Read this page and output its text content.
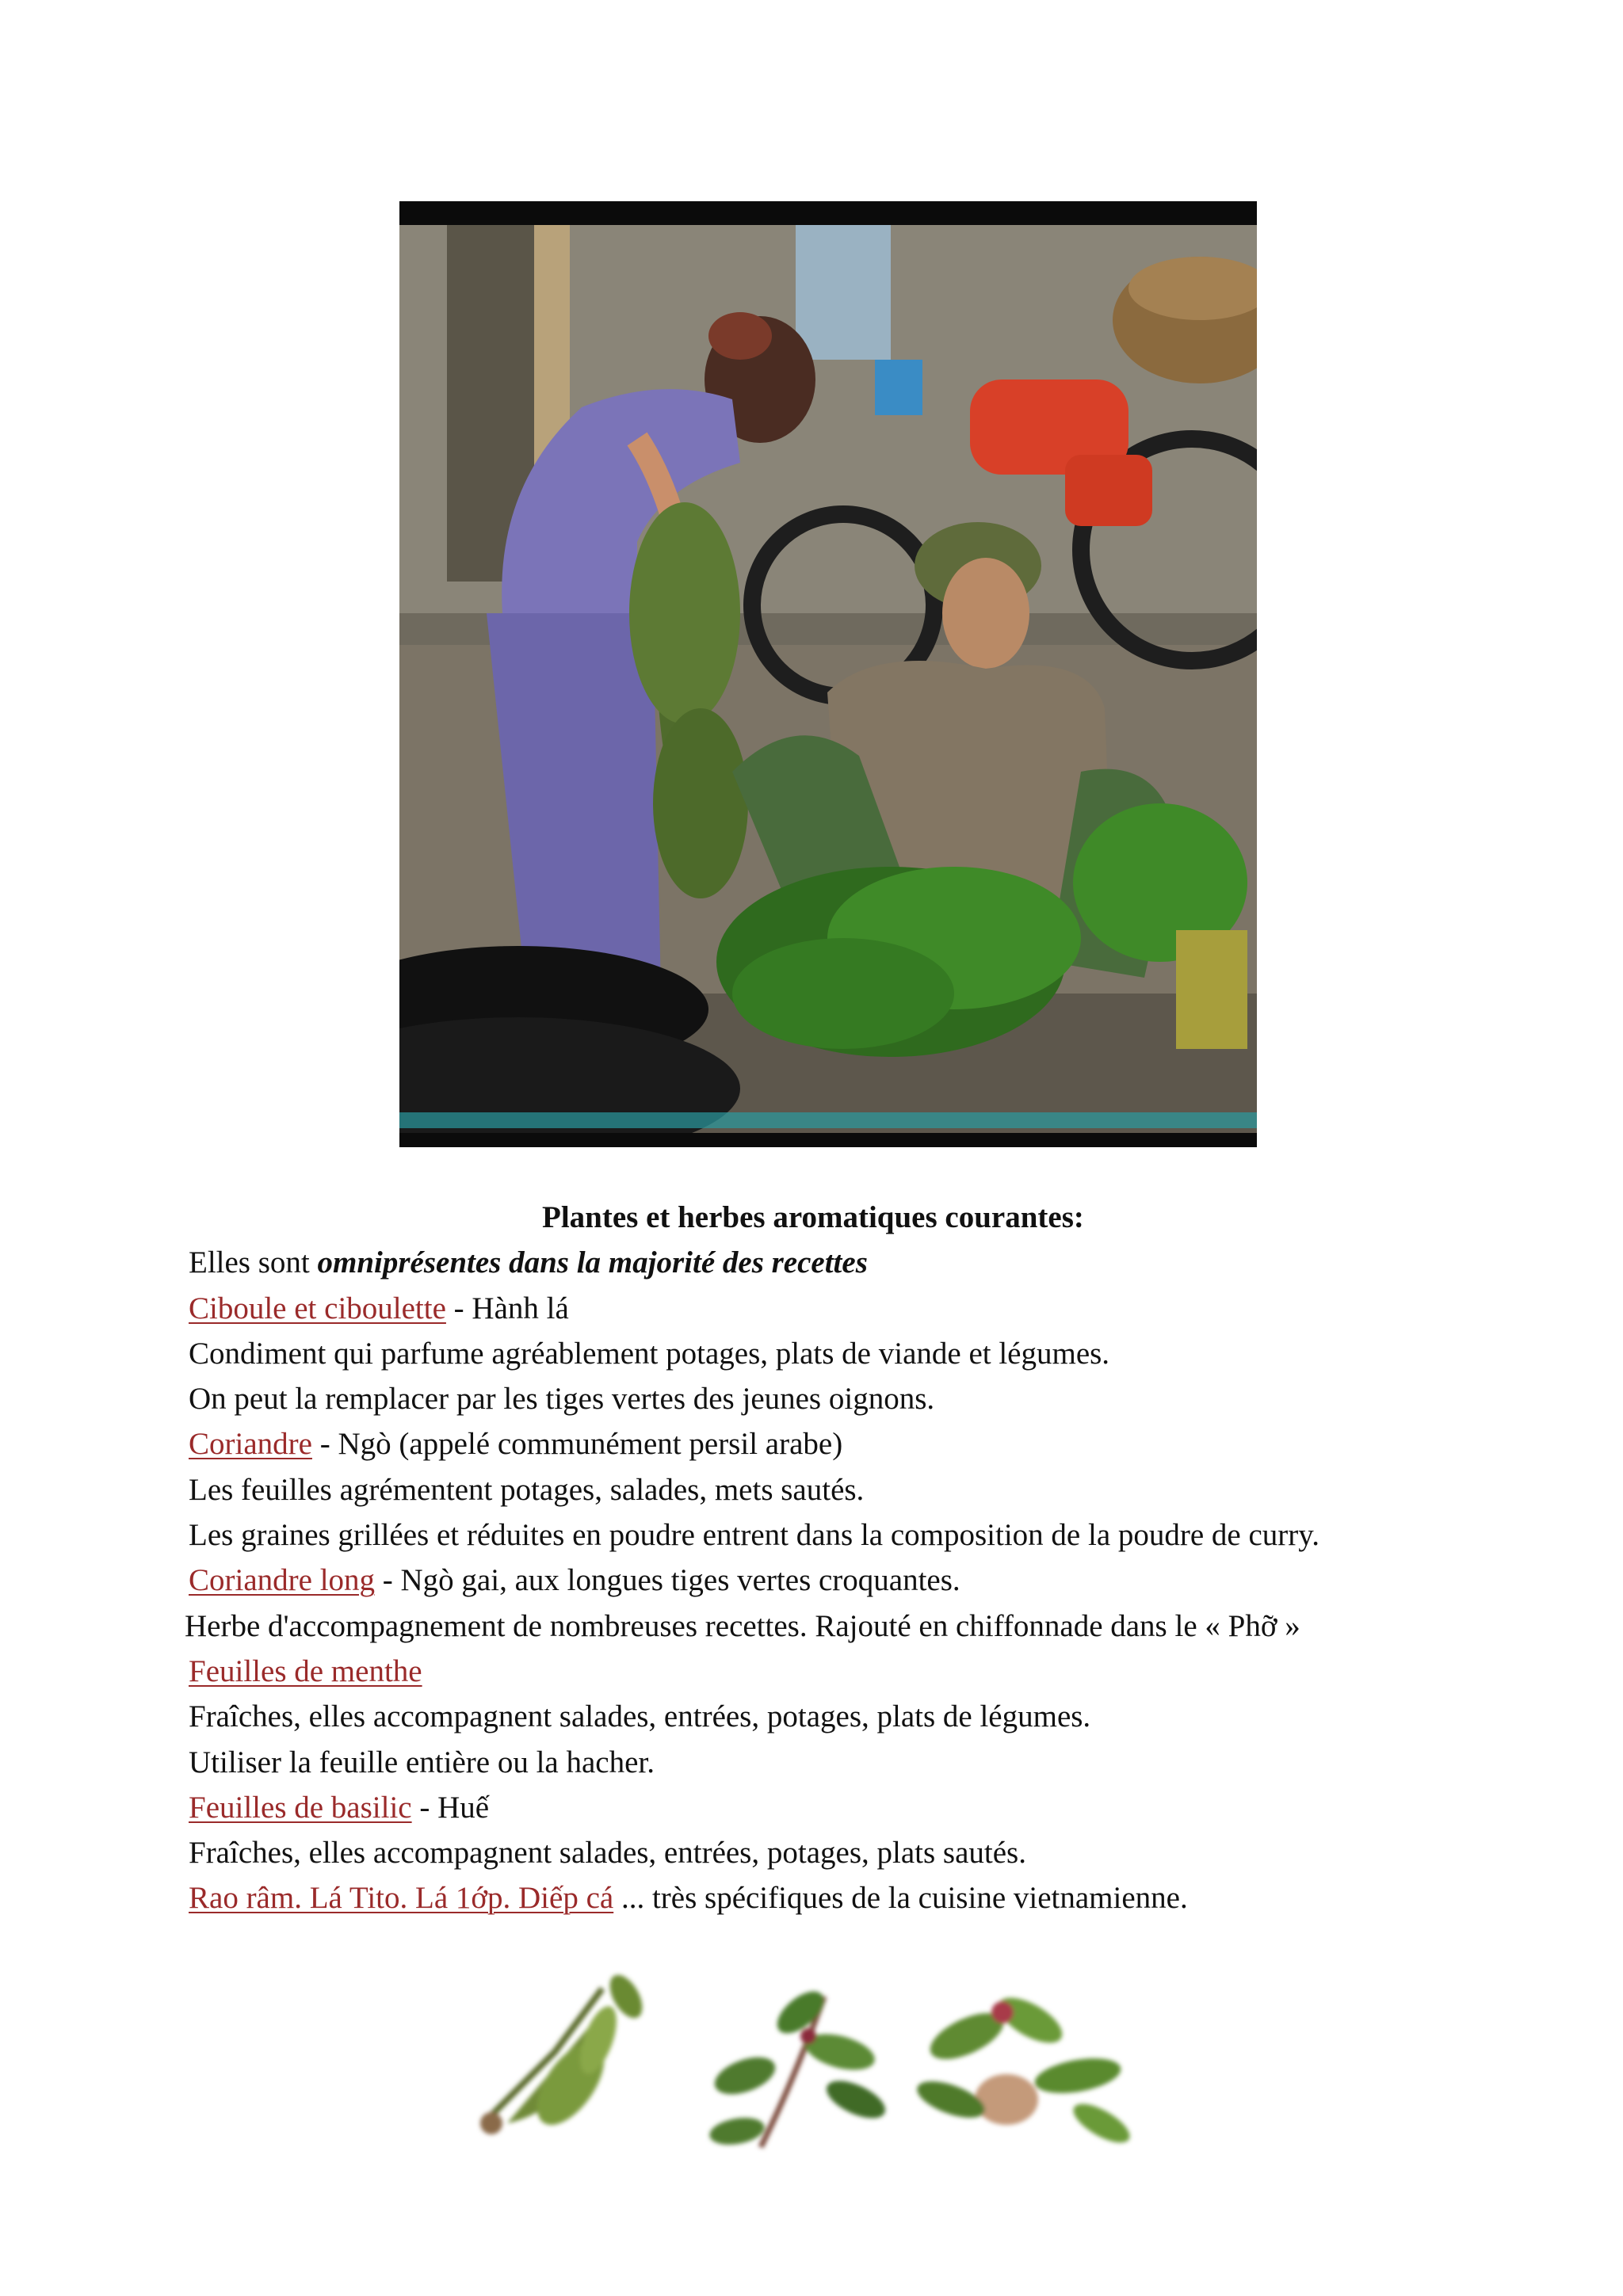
Plantes et herbes aromatiques courantes:
Elles sont omniprésentes dans la majorité des recettes
Ciboule et ciboulette - Hành lá
Condiment qui parfume agréablement potages, plats de viande et légumes.
On peut la remplacer par les tiges vertes des jeunes oignons.
Coriandre - Ngò (appelé communément persil arabe)
Les feuilles agrémentent potages, salades, mets sautés.
Les graines grillées et réduites en poudre entrent dans la composition de la poudre de curry.
Coriandre long - Ngò gai, aux longues tiges vertes croquantes.
Herbe d'accompagnement de nombreuses recettes. Rajouté en chiffonnade dans le « Phỡ »
Feuilles de menthe
Fraîches, elles accompagnent salades, entrées, potages, plats de légumes.
Utiliser la feuille entière ou la hacher.
Feuilles de basilic - Huế
Fraîches, elles accompagnent salades, entrées, potages, plats sautés.
Rao râm. Lá Tito. Lá 1ớp. Diếp cá ... très spécifiques de la cuisine vietnamienne.
